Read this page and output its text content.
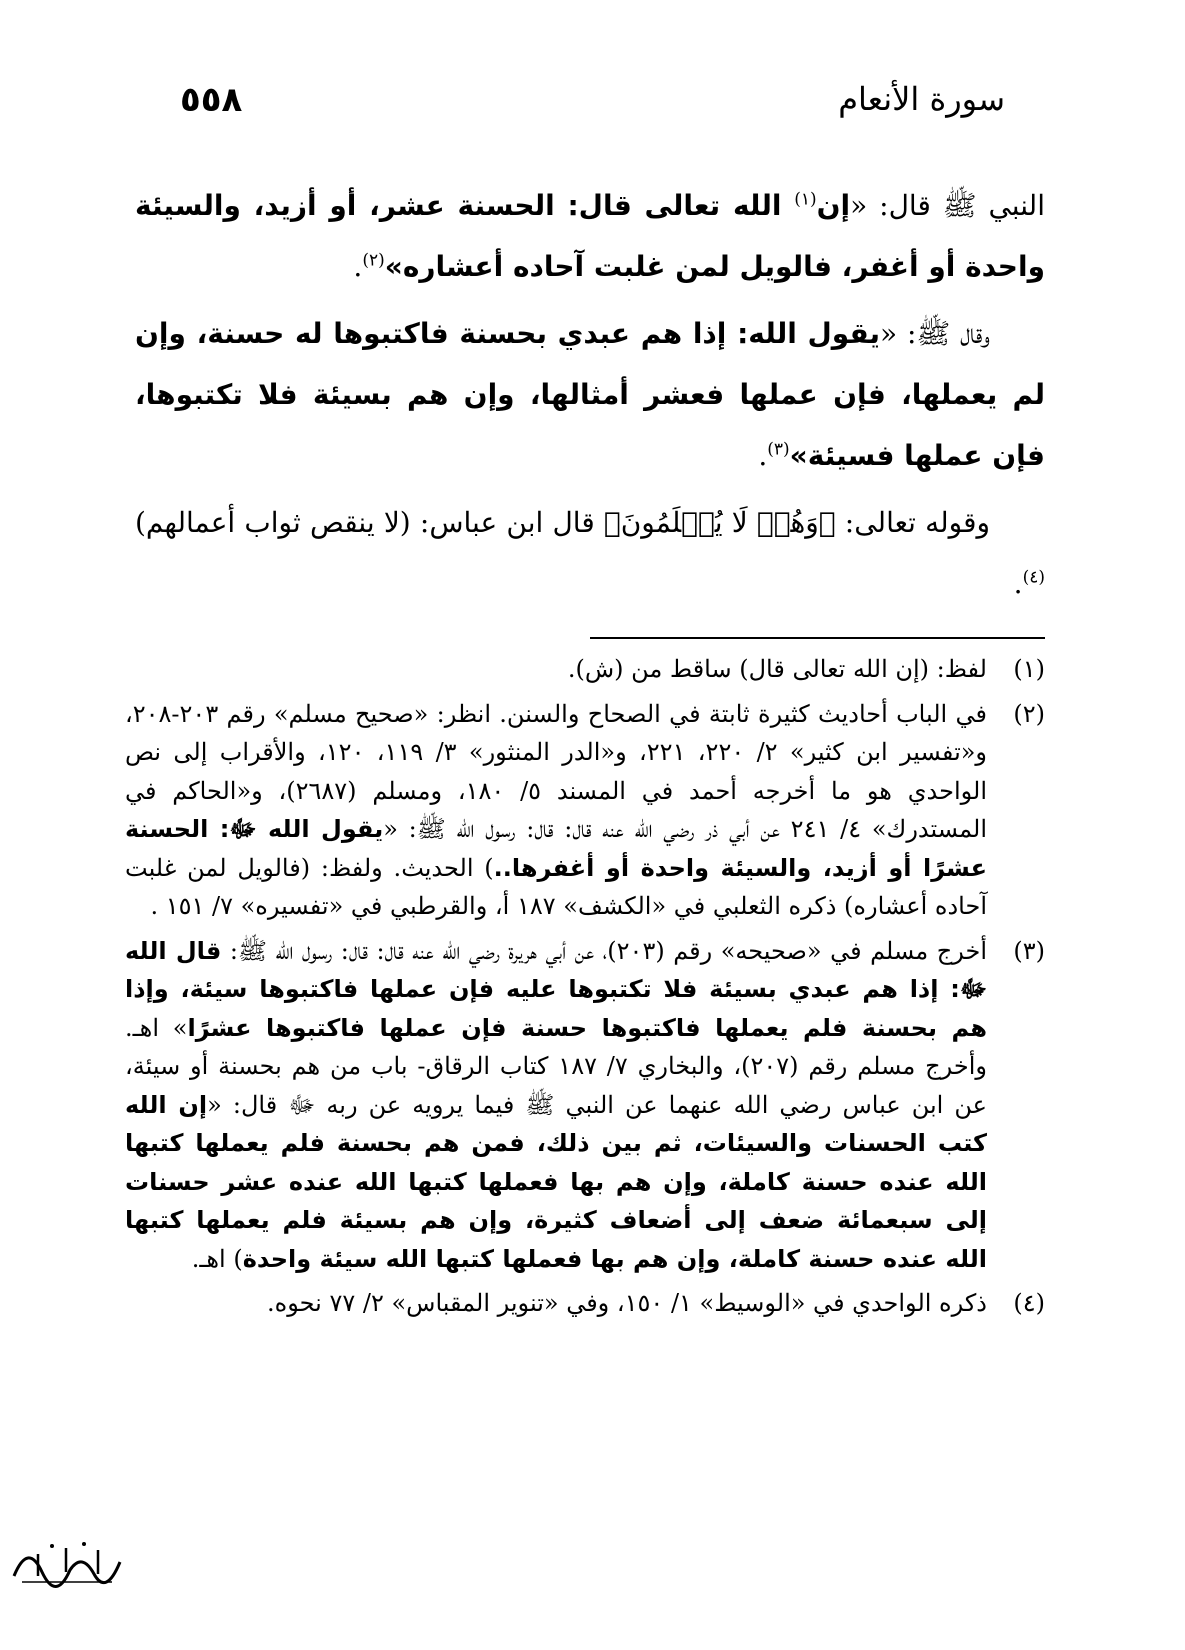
سورة الأنعام
٥٥٨

النبي ﷺ قال: «إن$^{(١)}$ الله تعالى قال: الحسنة عشر، أو أزيد، والسيئة واحدة أو أغفر، فالويل لمن غلبت آحاده أعشاره»$^{(٢)}$.

وقال ﷺ: «يقول الله: إذا هم عبدي بحسنة فاكتبوها له حسنة، وإن لم يعملها، فإن عملها فعشر أمثالها، وإن هم بسيئة فلا تكتبوها، فإن عملها فسيئة»$^{(٣)}$.

وقوله تعالى: ﴿وَهُمۡ لَا يُظۡلَمُونَ﴾ قال ابن عباس: (لا ينقص ثواب أعمالهم)$^{(٤)}$.

(١)
لفظ: (إن الله تعالى قال) ساقط من (ش).
(٢)
في الباب أحاديث كثيرة ثابتة في الصحاح والسنن. انظر: «صحيح مسلم» رقم ٢٠٣-٢٠٨، و«تفسير ابن كثير» ٢/ ٢٢٠، ٢٢١، و«الدر المنثور» ٣/ ١١٩، ١٢٠، والأقراب إلى نص الواحدي هو ما أخرجه أحمد في المسند ٥/ ١٨٠، ومسلم (٢٦٨٧)، و«الحاكم في المستدرك» ٤/ ٢٤١ عن أبي ذر رضي الله عنه قال: قال: رسول الله ﷺ: «يقول الله ﷻ: الحسنة عشرًا أو أزيد، والسيئة واحدة أو أغفرها..) الحديث. ولفظ: (فالويل لمن غلبت آحاده أعشاره) ذكره الثعلبي في «الكشف» ١٨٧ أ، والقرطبي في «تفسيره» ٧/ ١٥١ .
(٣)
أخرج مسلم في «صحيحه» رقم (٢٠٣)، عن أبي هريرة رضي الله عنه قال: قال: رسول الله ﷺ: قال الله ﷻ: إذا هم عبدي بسيئة فلا تكتبوها عليه فإن عملها فاكتبوها سيئة، وإذا هم بحسنة فلم يعملها فاكتبوها حسنة فإن عملها فاكتبوها عشرًا» اهـ. وأخرج مسلم رقم (٢٠٧)، والبخاري ٧/ ١٨٧ كتاب الرقاق- باب من هم بحسنة أو سيئة، عن ابن عباس رضي الله عنهما عن النبي ﷺ فيما يرويه عن ربه ﷻ قال: «إن الله كتب الحسنات والسيئات، ثم بين ذلك، فمن هم بحسنة فلم يعملها كتبها الله عنده حسنة كاملة، وإن هم بها فعملها كتبها الله عنده عشر حسنات إلى سبعمائة ضعف إلى أضعاف كثيرة، وإن هم بسيئة فلم يعملها كتبها الله عنده حسنة كاملة، وإن هم بها فعملها كتبها الله سيئة واحدة) اهـ.
(٤)
ذكره الواحدي في «الوسيط» ١/ ١٥٠، وفي «تنوير المقباس» ٢/ ٧٧ نحوه.
